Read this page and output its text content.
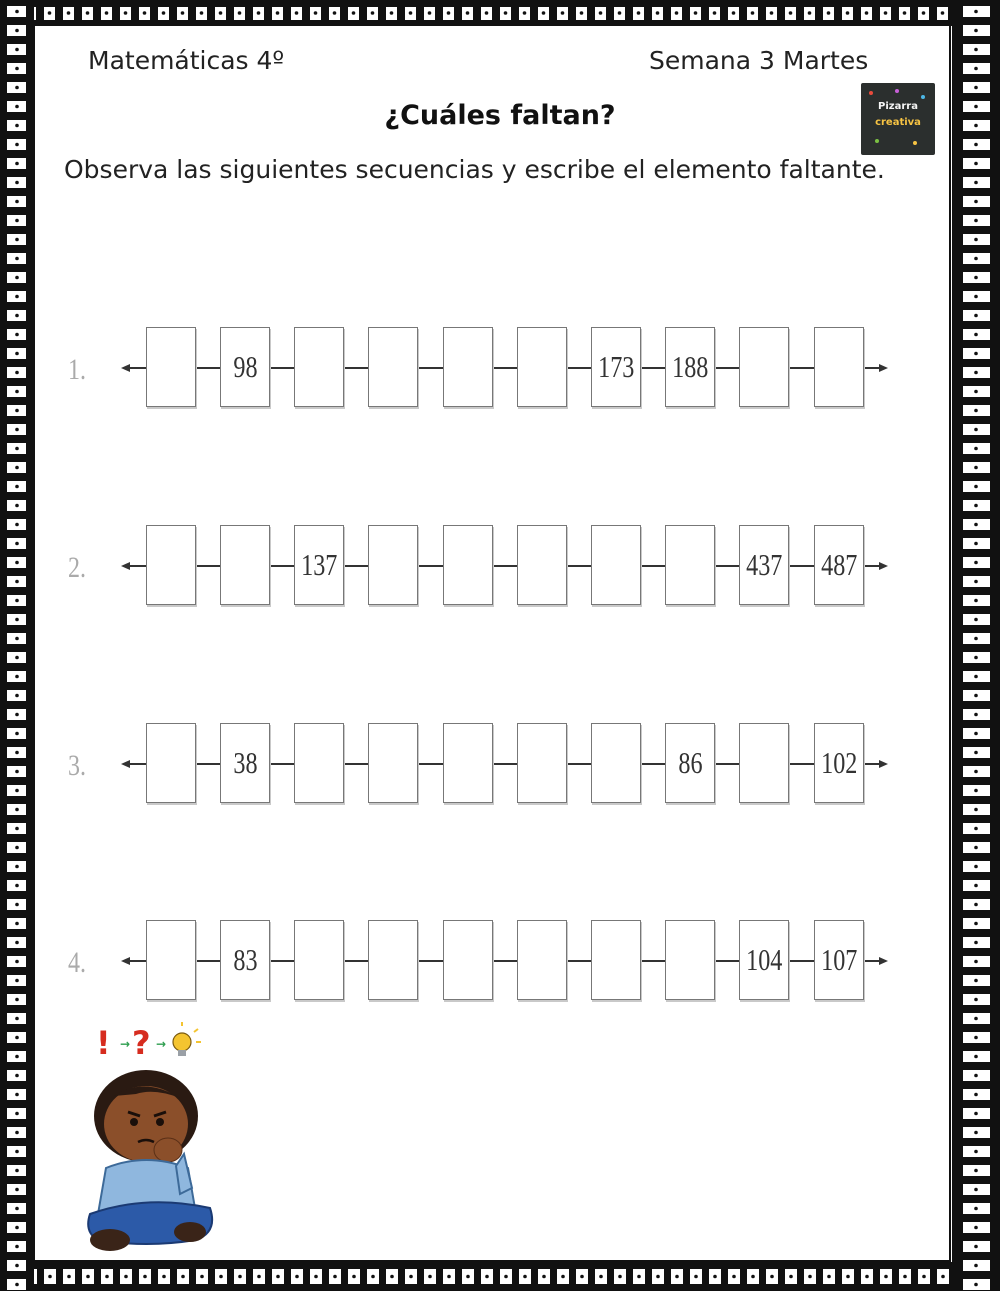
Matemáticas 4º	Semana 3 Martes
Pizarra
creativa
¿Cuáles faltan?
Observa las siguientes secuencias y escribe el elemento faltante.
1.	98	173 188
2.	137	437 487
3.	38	86	102
4.	83	104 107
! → ? →
